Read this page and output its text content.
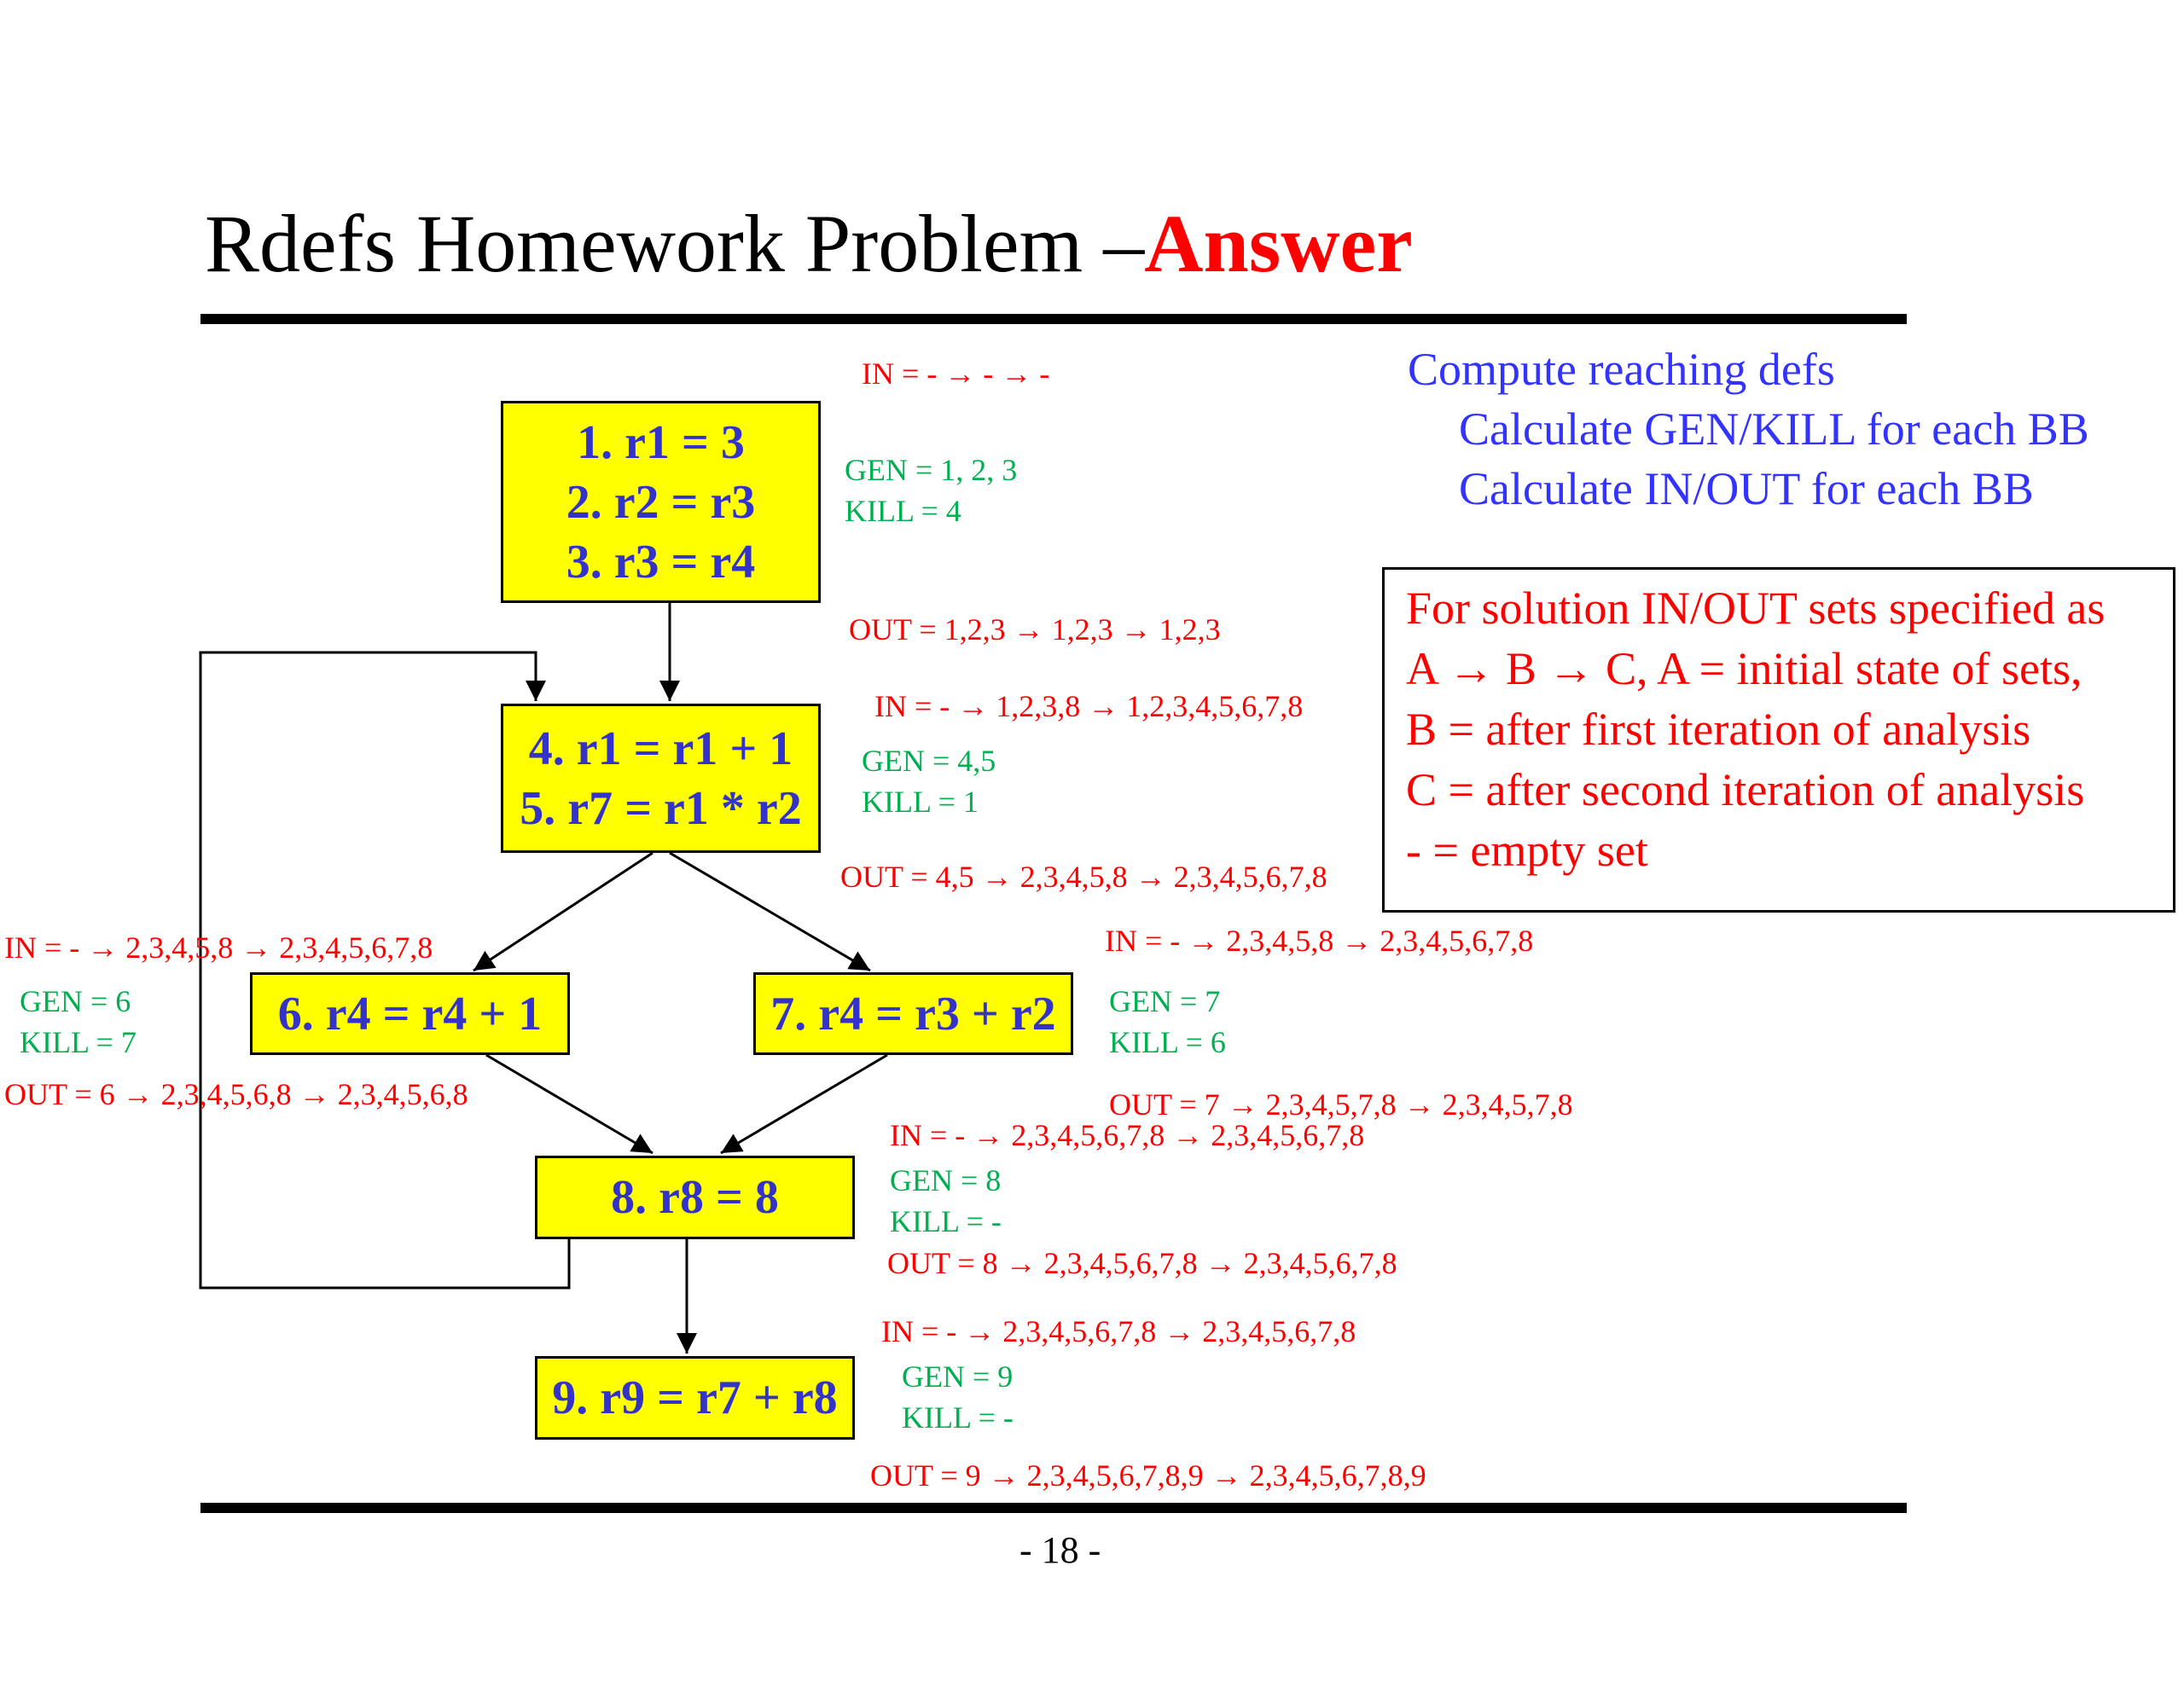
Rdefs Homework Problem –Answer
1. r1 = 3
2. r2 = r3
3. r3 = r4
4. r1 = r1 + 1
5. r7 = r1 * r2
6. r4 = r4 + 1	7. r4 = r3 + r2
8. r8 = 8
9. r9 = r7 + r8
IN = - → - → -
GEN = 1, 2, 3
KILL = 4
OUT = 1,2,3 → 1,2,3 → 1,2,3
IN = - → 1,2,3,8 → 1,2,3,4,5,6,7,8
GEN = 4,5
KILL = 1
OUT = 4,5 → 2,3,4,5,8 → 2,3,4,5,6,7,8
IN = - → 2,3,4,5,8 → 2,3,4,5,6,7,8
GEN = 6
KILL = 7
OUT = 6 → 2,3,4,5,6,8 → 2,3,4,5,6,8
IN = - → 2,3,4,5,8 → 2,3,4,5,6,7,8
GEN = 7
KILL = 6
OUT = 7 → 2,3,4,5,7,8 → 2,3,4,5,7,8
IN = - → 2,3,4,5,6,7,8 → 2,3,4,5,6,7,8
GEN = 8
KILL = -
OUT = 8 → 2,3,4,5,6,7,8 → 2,3,4,5,6,7,8
IN = - → 2,3,4,5,6,7,8 → 2,3,4,5,6,7,8
GEN = 9
KILL = -
OUT = 9 → 2,3,4,5,6,7,8,9 → 2,3,4,5,6,7,8,9
Compute reaching defs
Calculate GEN/KILL for each BB
Calculate IN/OUT for each BB
For solution IN/OUT sets specified as
A → B → C, A = initial state of sets,
B = after first iteration of analysis
C = after second iteration of analysis
- = empty set
- 18 -
